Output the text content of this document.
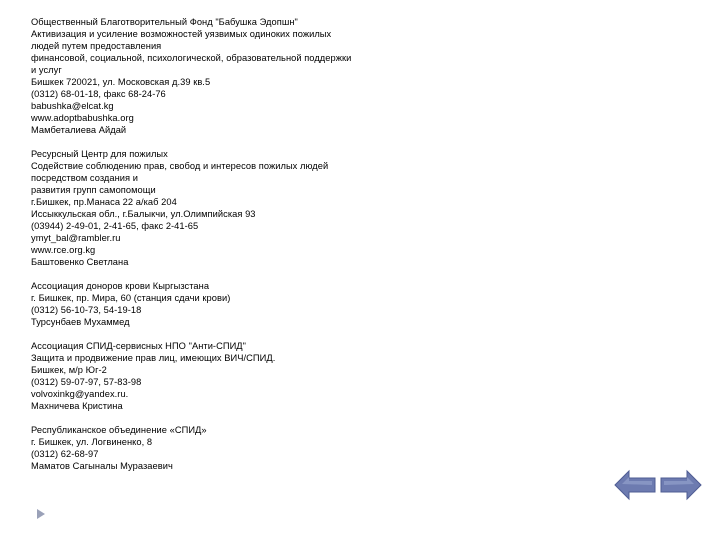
Общественный Благотворительный Фонд "Бабушка Эдопшн"
Активизация и усиление возможностей уязвимых одиноких пожилых
людей путем предоставления
финансовой, социальной, психологической, образовательной поддержки
и услуг
Бишкек 720021, ул. Московская д.39 кв.5
(0312) 68-01-18, факс 68-24-76
babushka@elcat.kg
www.adoptbabushka.org
Мамбеталиева Айдай
Ресурсный Центр для пожилых
Содействие соблюдению прав, свобод и интересов пожилых людей
посредством создания и
развития групп самопомощи
г.Бишкек, пр.Манаса 22 а/каб 204
Иссыккульская обл., г.Балыкчи, ул.Олимпийская 93
(03944) 2-49-01, 2-41-65, факс 2-41-65
ymyt_bal@rambler.ru
www.rce.org.kg
Баштовенко Светлана
Ассоциация доноров крови Кыргызстана
г. Бишкек, пр. Мира, 60 (станция сдачи крови)
(0312) 56-10-73, 54-19-18
Турсунбаев Мухаммед
Ассоциация СПИД-сервисных НПО "Анти-СПИД"
Защита и продвижение прав лиц, имеющих ВИЧ/СПИД.
Бишкек, м/р Юг-2
(0312) 59-07-97, 57-83-98
volvoxinkg@yandex.ru.
Махничева Кристина
Республиканское объединение «СПИД»
г. Бишкек, ул. Логвиненко, 8
(0312) 62-68-97
Маматов Сагынaлы Муразаевич
